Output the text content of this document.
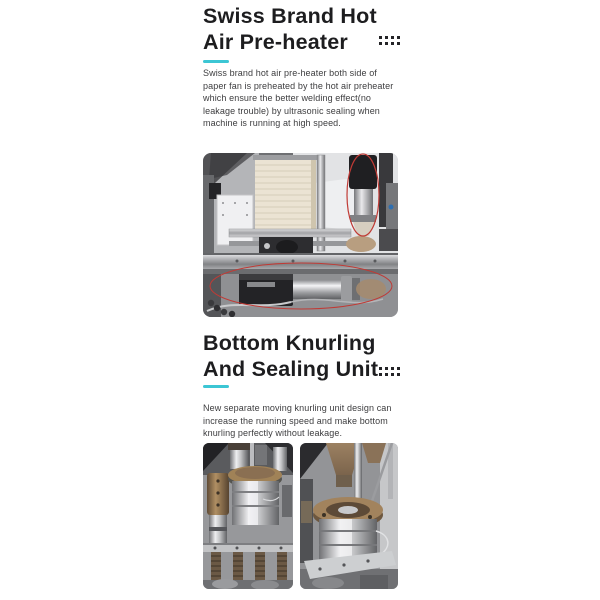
Swiss Brand Hot
Air Pre-heater

Swiss brand hot air pre-heater both side of paper fan is preheated by the hot air preheater which ensure the better welding effect(no leakage trouble) by ultrasonic sealing when machine is running at high speed.

Bottom Knurling
And Sealing Unit

New separate moving knurling unit design can increase the running speed and make bottom knurling perfectly without leakage.
